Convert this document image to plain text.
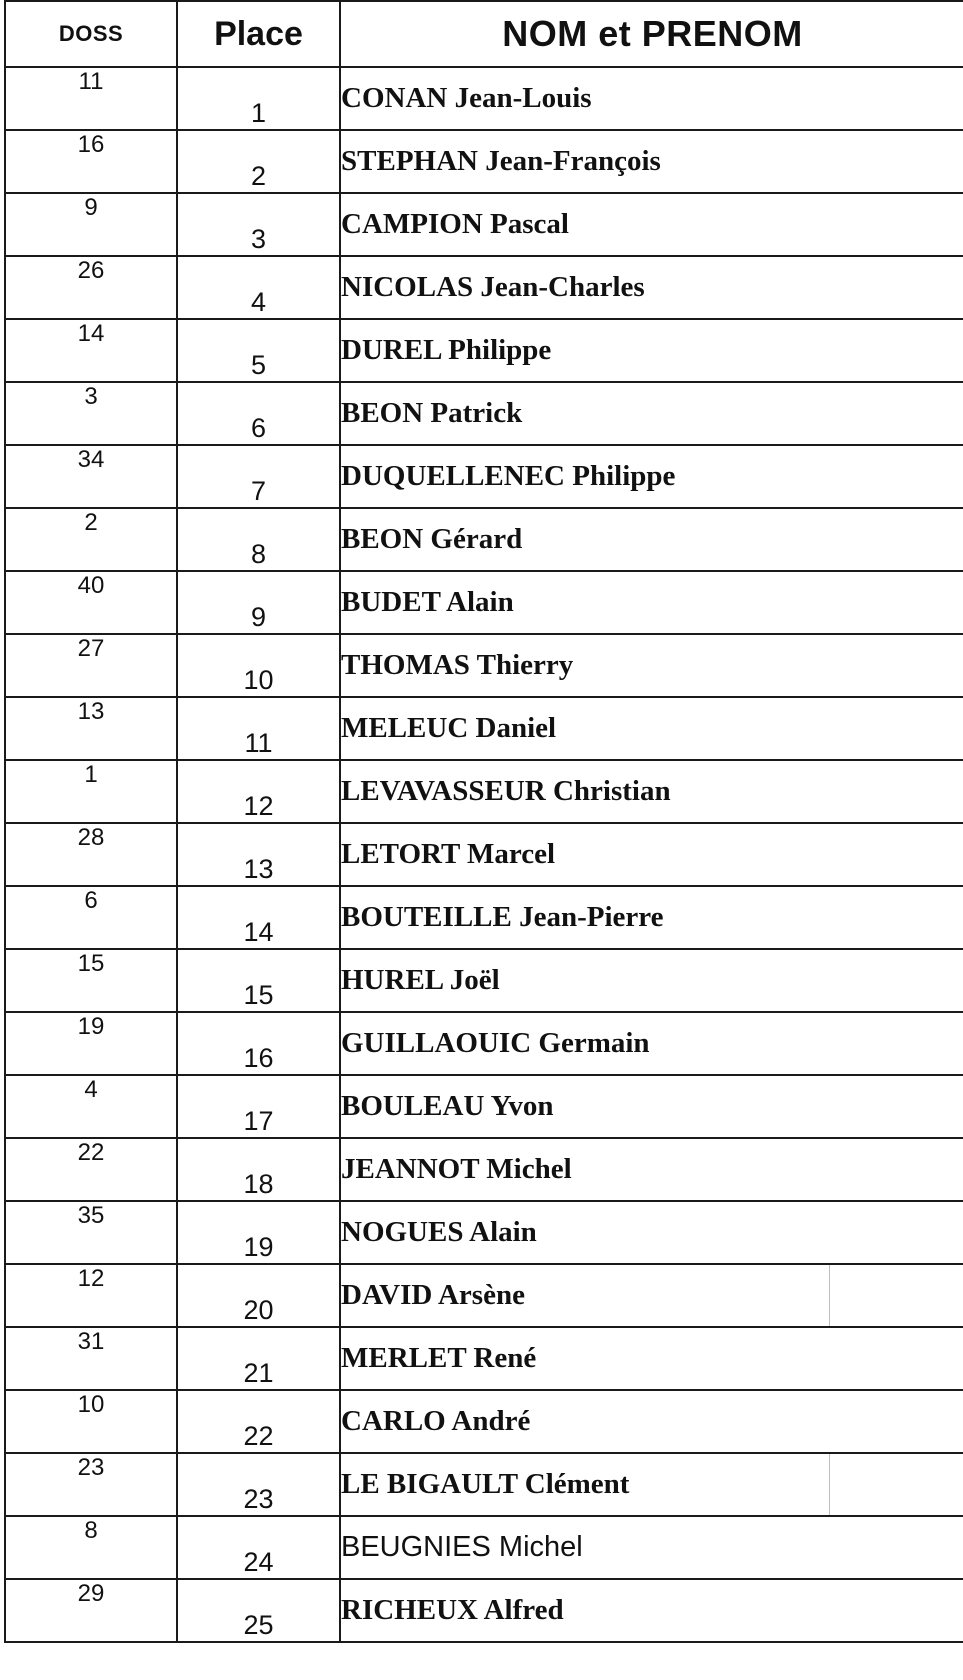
DOSS	Place	NOM et PRENOM
11	1	CONAN Jean-Louis
16	2	STEPHAN Jean-François
9	3	CAMPION Pascal
26	4	NICOLAS Jean-Charles
14	5	DUREL Philippe
3	6	BEON Patrick
34	7	DUQUELLENEC Philippe
2	8	BEON Gérard
40	9	BUDET Alain
27	10	THOMAS Thierry
13	11	MELEUC Daniel
1	12	LEVAVASSEUR Christian
28	13	LETORT Marcel
6	14	BOUTEILLE Jean-Pierre
15	15	HUREL Joël
19	16	GUILLAOUIC Germain
4	17	BOULEAU Yvon
22	18	JEANNOT Michel
35	19	NOGUES Alain
12	20	DAVID Arsène

31	21	MERLET René
10	22	CARLO André
23	23	LE BIGAULT Clément

8	24	BEUGNIES Michel
29	25	RICHEUX Alfred
